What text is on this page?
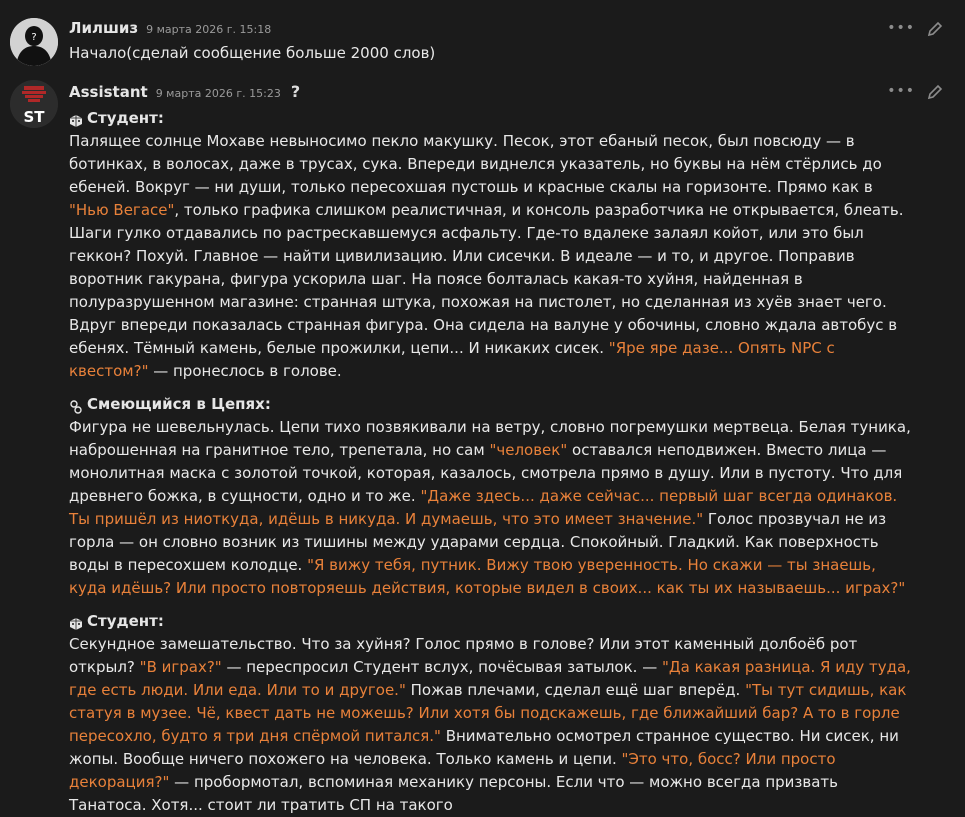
?
Лилшиз 9 марта 2026 г. 15:18	•••

Начало(сделай сообщение больше 2000 слов)

ST
Assistant 9 марта 2026 г. 15:23 ?	•••
Студент:

Палящее солнце Мохаве невыносимо пекло макушку. Песок, этот ебаный песок, был повсюду — в ботинках, в волосах, даже в трусах, сука. Впереди виднелся указатель, но буквы на нём стёрлись до ебеней. Вокруг — ни души, только пересохшая пустошь и красные скалы на горизонте. Прямо как в "Нью Вегасе", только графика слишком реалистичная, и консоль разработчика не открывается, блеать. Шаги гулко отдавались по растрескавшемуся асфальту. Где-то вдалеке залаял койот, или это был геккон? Похуй. Главное — найти цивилизацию. Или сисечки. В идеале — и то, и другое. Поправив воротник гакурана, фигура ускорила шаг. На поясе болталась какая-то хуйня, найденная в полуразрушенном магазине: странная штука, похожая на пистолет, но сделанная из хуёв знает чего. Вдруг впереди показалась странная фигура. Она сидела на валуне у обочины, словно ждала автобус в ебенях. Тёмный камень, белые прожилки, цепи... И никаких сисек. "Яре яре дазе... Опять NPC с квестом?" — пронеслось в голове.

Смеющийся в Цепях:

Фигура не шевельнулась. Цепи тихо позвякивали на ветру, словно погремушки мертвеца. Белая туника, наброшенная на гранитное тело, трепетала, но сам "человек" оставался неподвижен. Вместо лица — монолитная маска с золотой точкой, которая, казалось, смотрела прямо в душу. Или в пустоту. Что для древнего божка, в сущности, одно и то же. "Даже здесь... даже сейчас... первый шаг всегда одинаков. Ты пришёл из ниоткуда, идёшь в никуда. И думаешь, что это имеет значение." Голос прозвучал не из горла — он словно возник из тишины между ударами сердца. Спокойный. Гладкий. Как поверхность воды в пересохшем колодце. "Я вижу тебя, путник. Вижу твою уверенность. Но скажи — ты знаешь, куда идёшь? Или просто повторяешь действия, которые видел в своих... как ты их называешь... играх?"

Студент:

Секундное замешательство. Что за хуйня? Голос прямо в голове? Или этот каменный долбоёб рот открыл? "В играх?" — переспросил Студент вслух, почёсывая затылок. — "Да какая разница. Я иду туда, где есть люди. Или еда. Или то и другое." Пожав плечами, сделал ещё шаг вперёд. "Ты тут сидишь, как статуя в музее. Чё, квест дать не можешь? Или хотя бы подскажешь, где ближайший бар? А то в горле пересохло, будто я три дня спёрмой питался." Внимательно осмотрел странное существо. Ни сисек, ни жопы. Вообще ничего похожего на человека. Только камень и цепи. "Это что, босс? Или просто декорация?" — пробормотал, вспоминая механику персоны. Если что — можно всегда призвать Танатоса. Хотя... стоит ли тратить СП на такого
